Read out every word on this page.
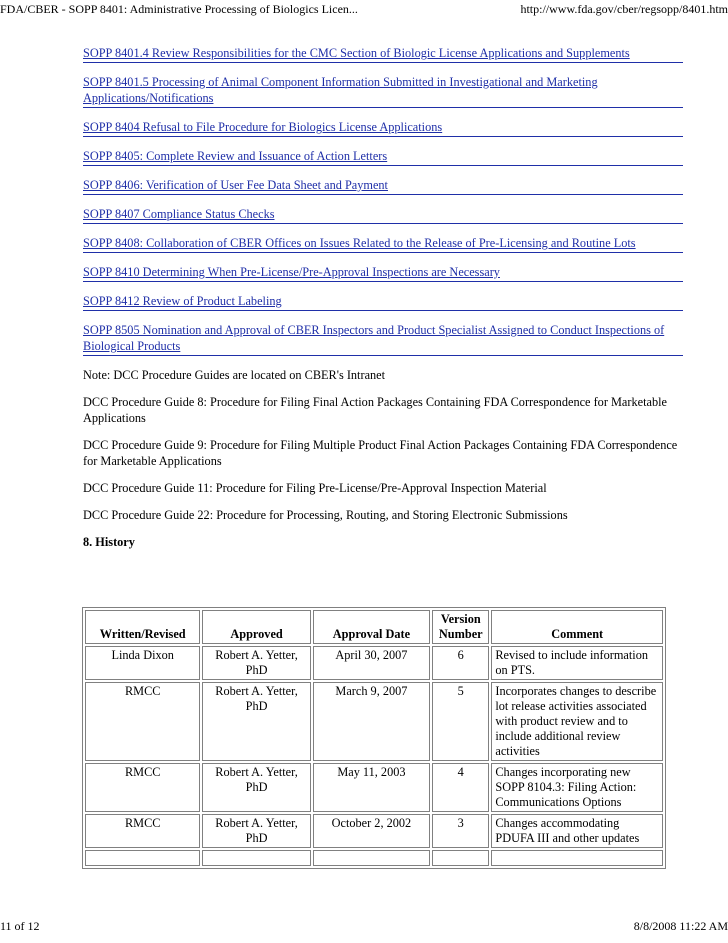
FDA/CBER - SOPP 8401: Administrative Processing of Biologics Licen...	http://www.fda.gov/cber/regsopp/8401.htm
SOPP 8401.4 Review Responsibilities for the CMC Section of Biologic License Applications and Supplements
SOPP 8401.5 Processing of Animal Component Information Submitted in Investigational and Marketing Applications/Notifications
SOPP 8404 Refusal to File Procedure for Biologics License Applications
SOPP 8405: Complete Review and Issuance of Action Letters
SOPP 8406: Verification of User Fee Data Sheet and Payment
SOPP 8407 Compliance Status Checks
SOPP 8408: Collaboration of CBER Offices on Issues Related to the Release of Pre-Licensing and Routine Lots
SOPP 8410 Determining When Pre-License/Pre-Approval Inspections are Necessary
SOPP 8412 Review of Product Labeling
SOPP 8505 Nomination and Approval of CBER Inspectors and Product Specialist Assigned to Conduct Inspections of Biological Products

Note: DCC Procedure Guides are located on CBER's Intranet

DCC Procedure Guide 8: Procedure for Filing Final Action Packages Containing FDA Correspondence for Marketable Applications

DCC Procedure Guide 9: Procedure for Filing Multiple Product Final Action Packages Containing FDA Correspondence for Marketable Applications

DCC Procedure Guide 11: Procedure for Filing Pre-License/Pre-Approval Inspection Material

DCC Procedure Guide 22: Procedure for Processing, Routing, and Storing Electronic Submissions

8. History

Written/Revised	Approved	Approval Date	Version Number	Comment
Linda Dixon	Robert A. Yetter, PhD	April 30, 2007	6	Revised to include information on PTS.
RMCC	Robert A. Yetter, PhD	March 9, 2007	5	Incorporates changes to describe lot release activities associated with product review and to include additional review activities
RMCC	Robert A. Yetter, PhD	May 11, 2003	4	Changes incorporating new SOPP 8104.3: Filing Action: Communications Options
RMCC	Robert A. Yetter, PhD	October 2, 2002	3	Changes accommodating PDUFA III and other updates

11 of 12	8/8/2008 11:22 AM
